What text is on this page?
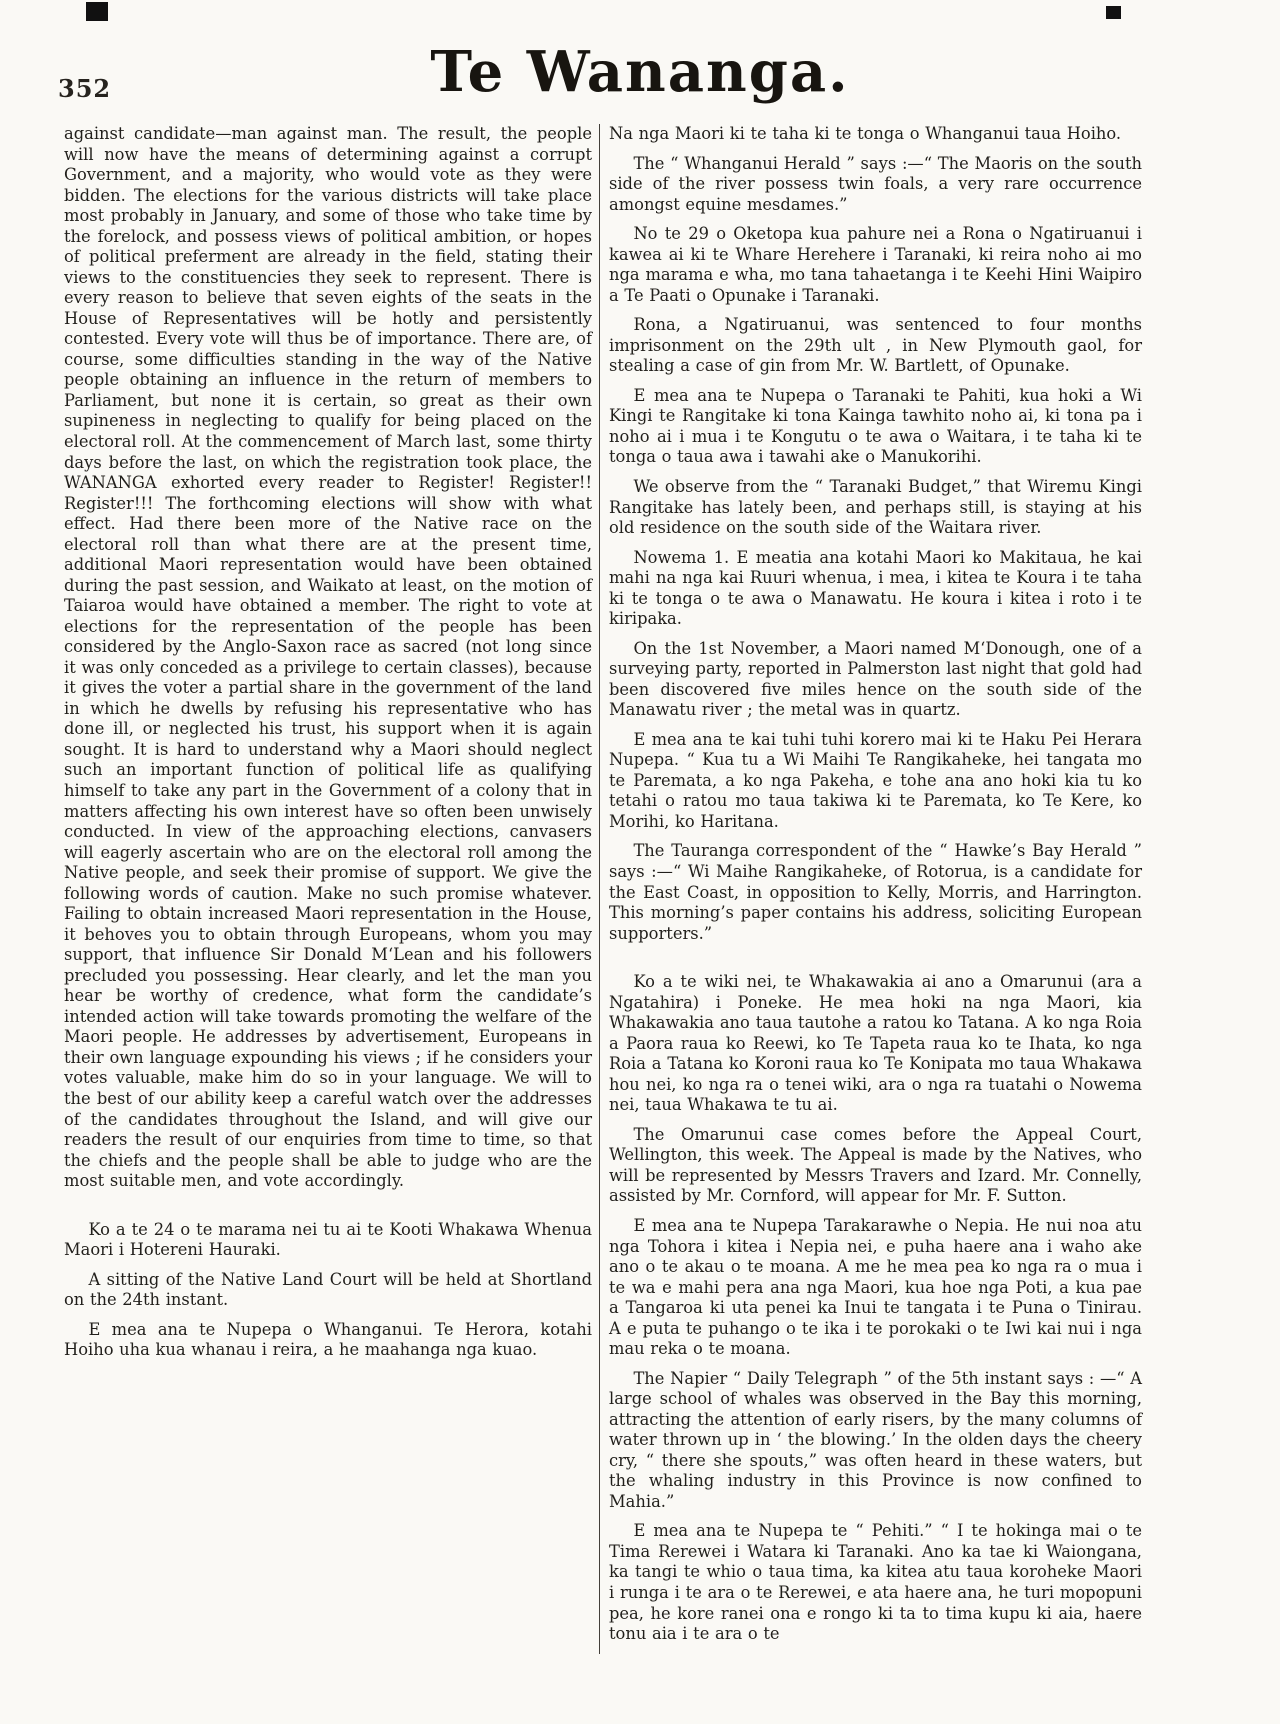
352	Te Wananga.

against candidate—man against man. The result, the people will now have the means of determining against a corrupt Government, and a majority, who would vote as they were bidden. The elections for the various districts will take place most probably in January, and some of those who take time by the forelock, and possess views of political ambition, or hopes of political preferment are already in the field, stating their views to the constituencies they seek to represent. There is every reason to believe that seven eights of the seats in the House of Representatives will be hotly and persistently contested. Every vote will thus be of importance. There are, of course, some difficulties standing in the way of the Native people obtaining an influence in the return of members to Parliament, but none it is certain, so great as their own supineness in neglecting to qualify for being placed on the electoral roll. At the commencement of March last, some thirty days before the last, on which the registration took place, the WANANGA exhorted every reader to Register! Register!! Register!!! The forthcoming elections will show with what effect. Had there been more of the Native race on the electoral roll than what there are at the present time, additional Maori representation would have been obtained during the past session, and Waikato at least, on the motion of Taiaroa would have obtained a member. The right to vote at elections for the representation of the people has been considered by the Anglo-Saxon race as sacred (not long since it was only conceded as a privilege to certain classes), because it gives the voter a partial share in the government of the land in which he dwells by refusing his representative who has done ill, or neglected his trust, his support when it is again sought. It is hard to understand why a Maori should neglect such an important function of political life as qualifying himself to take any part in the Government of a colony that in matters affecting his own interest have so often been unwisely conducted. In view of the approaching elections, canvasers will eagerly ascertain who are on the electoral roll among the Native people, and seek their promise of support. We give the following words of caution. Make no such promise whatever. Failing to obtain increased Maori representation in the House, it behoves you to obtain through Europeans, whom you may support, that influence Sir Donald M‘Lean and his followers precluded you possessing. Hear clearly, and let the man you hear be worthy of credence, what form the candidate’s intended action will take towards promoting the welfare of the Maori people. He addresses by advertisement, Europeans in their own language expounding his views ; if he considers your votes valuable, make him do so in your language. We will to the best of our ability keep a careful watch over the addresses of the candidates throughout the Island, and will give our readers the result of our enquiries from time to time, so that the chiefs and the people shall be able to judge who are the most suitable men, and vote accordingly.

Ko a te 24 o te marama nei tu ai te Kooti Whakawa Whenua Maori i Hotereni Hauraki.

A sitting of the Native Land Court will be held at Shortland on the 24th instant.

E mea ana te Nupepa o Whanganui. Te Herora, kotahi Hoiho uha kua whanau i reira, a he maahanga nga kuao.

Na nga Maori ki te taha ki te tonga o Whanganui taua Hoiho.

The “ Whanganui Herald ” says :—“ The Maoris on the south side of the river possess twin foals, a very rare occurrence amongst equine mesdames.”

No te 29 o Oketopa kua pahure nei a Rona o Ngatiruanui i kawea ai ki te Whare Herehere i Taranaki, ki reira noho ai mo nga marama e wha, mo tana tahaetanga i te Keehi Hini Waipiro a Te Paati o Opunake i Taranaki.

Rona, a Ngatiruanui, was sentenced to four months imprisonment on the 29th ult , in New Plymouth gaol, for stealing a case of gin from Mr. W. Bartlett, of Opunake.

E mea ana te Nupepa o Taranaki te Pahiti, kua hoki a Wi Kingi te Rangitake ki tona Kainga tawhito noho ai, ki tona pa i noho ai i mua i te Kongutu o te awa o Waitara, i te taha ki te tonga o taua awa i tawahi ake o Manukorihi.

We observe from the “ Taranaki Budget,” that Wiremu Kingi Rangitake has lately been, and perhaps still, is staying at his old residence on the south side of the Waitara river.

Nowema 1. E meatia ana kotahi Maori ko Makitaua, he kai mahi na nga kai Ruuri whenua, i mea, i kitea te Koura i te taha ki te tonga o te awa o Manawatu. He koura i kitea i roto i te kiripaka.

On the 1st November, a Maori named M‘Donough, one of a surveying party, reported in Palmerston last night that gold had been discovered five miles hence on the south side of the Manawatu river ; the metal was in quartz.

E mea ana te kai tuhi tuhi korero mai ki te Haku Pei Herara Nupepa. “ Kua tu a Wi Maihi Te Rangikaheke, hei tangata mo te Paremata, a ko nga Pakeha, e tohe ana ano hoki kia tu ko tetahi o ratou mo taua takiwa ki te Paremata, ko Te Kere, ko Morihi, ko Haritana.

The Tauranga correspondent of the “ Hawke’s Bay Herald ” says :—“ Wi Maihe Rangikaheke, of Rotorua, is a candidate for the East Coast, in opposition to Kelly, Morris, and Harrington. This morning’s paper contains his address, soliciting European supporters.”

Ko a te wiki nei, te Whakawakia ai ano a Omarunui (ara a Ngatahira) i Poneke. He mea hoki na nga Maori, kia Whakawakia ano taua tautohe a ratou ko Tatana. A ko nga Roia a Paora raua ko Reewi, ko Te Tapeta raua ko te Ihata, ko nga Roia a Tatana ko Koroni raua ko Te Konipata mo taua Whakawa hou nei, ko nga ra o tenei wiki, ara o nga ra tuatahi o Nowema nei, taua Whakawa te tu ai.

The Omarunui case comes before the Appeal Court, Wellington, this week. The Appeal is made by the Natives, who will be represented by Messrs Travers and Izard. Mr. Connelly, assisted by Mr. Cornford, will appear for Mr. F. Sutton.

E mea ana te Nupepa Tarakarawhe o Nepia. He nui noa atu nga Tohora i kitea i Nepia nei, e puha haere ana i waho ake ano o te akau o te moana. A me he mea pea ko nga ra o mua i te wa e mahi pera ana nga Maori, kua hoe nga Poti, a kua pae a Tangaroa ki uta penei ka Inui te tangata i te Puna o Tinirau. A e puta te puhango o te ika i te porokaki o te Iwi kai nui i nga mau reka o te moana.

The Napier “ Daily Telegraph ” of the 5th instant says : —“ A large school of whales was observed in the Bay this morning, attracting the attention of early risers, by the many columns of water thrown up in ‘ the blowing.’ In the olden days the cheery cry, “ there she spouts,” was often heard in these waters, but the whaling industry in this Province is now confined to Mahia.”

E mea ana te Nupepa te “ Pehiti.” “ I te hokinga mai o te Tima Rerewei i Watara ki Taranaki. Ano ka tae ki Waiongana, ka tangi te whio o taua tima, ka kitea atu taua koroheke Maori i runga i te ara o te Rerewei, e ata haere ana, he turi mopopuni pea, he kore ranei ona e rongo ki ta to tima kupu ki aia, haere tonu aia i te ara o te
